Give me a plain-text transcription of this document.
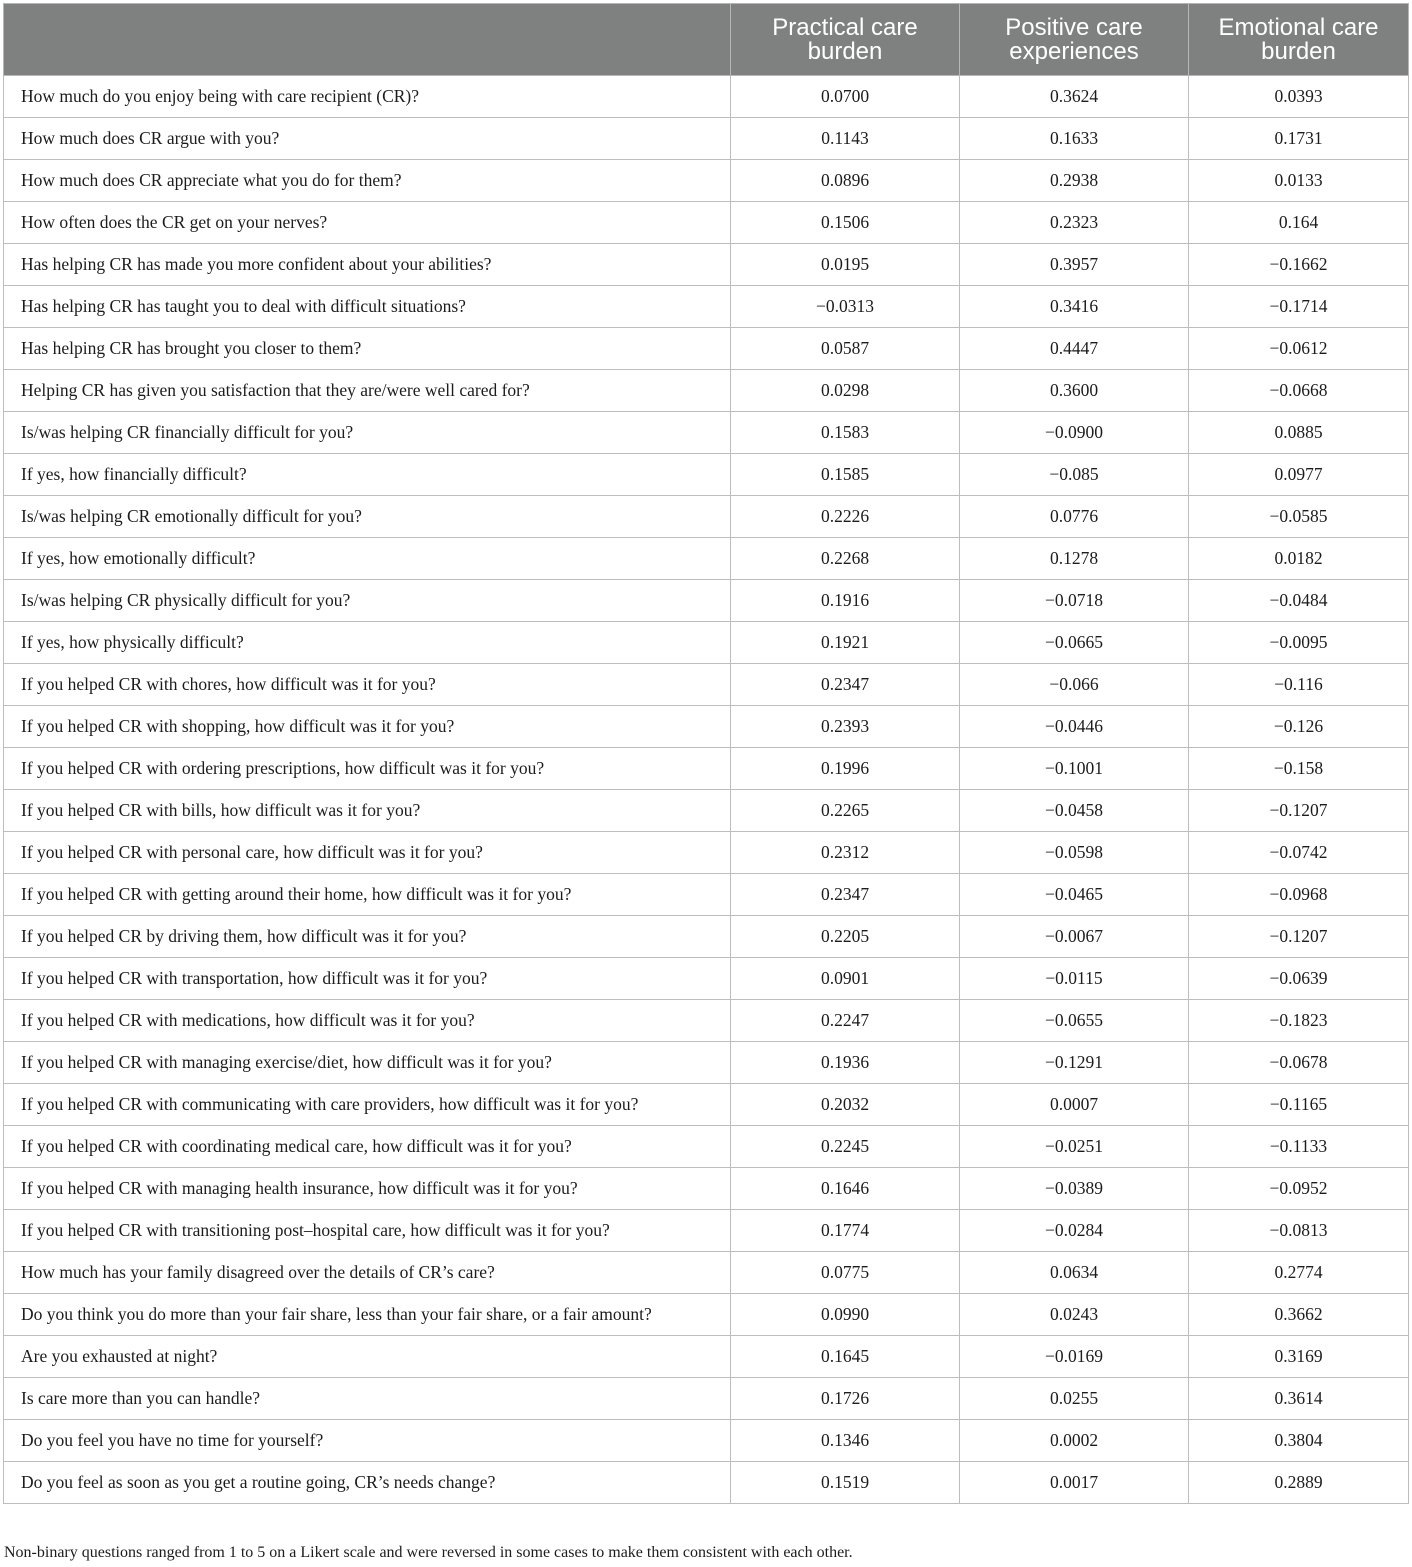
	Practical care burden	Positive care experiences	Emotional care burden
How much do you enjoy being with care recipient (CR)?	0.0700	0.3624	0.0393
How much does CR argue with you?	0.1143	0.1633	0.1731
How much does CR appreciate what you do for them?	0.0896	0.2938	0.0133
How often does the CR get on your nerves?	0.1506	0.2323	0.164
Has helping CR has made you more confident about your abilities?	0.0195	0.3957	−0.1662
Has helping CR has taught you to deal with difficult situations?	−0.0313	0.3416	−0.1714
Has helping CR has brought you closer to them?	0.0587	0.4447	−0.0612
Helping CR has given you satisfaction that they are/were well cared for?	0.0298	0.3600	−0.0668
Is/was helping CR financially difficult for you?	0.1583	−0.0900	0.0885
If yes, how financially difficult?	0.1585	−0.085	0.0977
Is/was helping CR emotionally difficult for you?	0.2226	0.0776	−0.0585
If yes, how emotionally difficult?	0.2268	0.1278	0.0182
Is/was helping CR physically difficult for you?	0.1916	−0.0718	−0.0484
If yes, how physically difficult?	0.1921	−0.0665	−0.0095
If you helped CR with chores, how difficult was it for you?	0.2347	−0.066	−0.116
If you helped CR with shopping, how difficult was it for you?	0.2393	−0.0446	−0.126
If you helped CR with ordering prescriptions, how difficult was it for you?	0.1996	−0.1001	−0.158
If you helped CR with bills, how difficult was it for you?	0.2265	−0.0458	−0.1207
If you helped CR with personal care, how difficult was it for you?	0.2312	−0.0598	−0.0742
If you helped CR with getting around their home, how difficult was it for you?	0.2347	−0.0465	−0.0968
If you helped CR by driving them, how difficult was it for you?	0.2205	−0.0067	−0.1207
If you helped CR with transportation, how difficult was it for you?	0.0901	−0.0115	−0.0639
If you helped CR with medications, how difficult was it for you?	0.2247	−0.0655	−0.1823
If you helped CR with managing exercise/diet, how difficult was it for you?	0.1936	−0.1291	−0.0678
If you helped CR with communicating with care providers, how difficult was it for you?	0.2032	0.0007	−0.1165
If you helped CR with coordinating medical care, how difficult was it for you?	0.2245	−0.0251	−0.1133
If you helped CR with managing health insurance, how difficult was it for you?	0.1646	−0.0389	−0.0952
If you helped CR with transitioning post–hospital care, how difficult was it for you?	0.1774	−0.0284	−0.0813
How much has your family disagreed over the details of CR’s care?	0.0775	0.0634	0.2774
Do you think you do more than your fair share, less than your fair share, or a fair amount?	0.0990	0.0243	0.3662
Are you exhausted at night?	0.1645	−0.0169	0.3169
Is care more than you can handle?	0.1726	0.0255	0.3614
Do you feel you have no time for yourself?	0.1346	0.0002	0.3804
Do you feel as soon as you get a routine going, CR’s needs change?	0.1519	0.0017	0.2889
Non-binary questions ranged from 1 to 5 on a Likert scale and were reversed in some cases to make them consistent with each other.
